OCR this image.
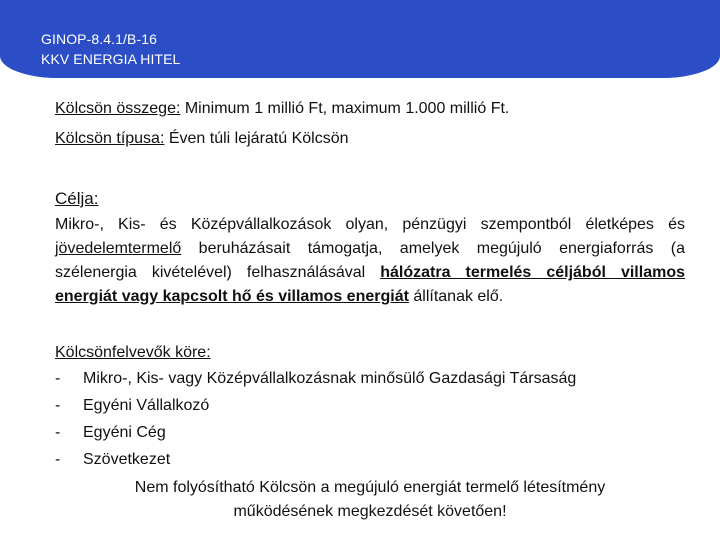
GINOP-8.4.1/B-16
KKV ENERGIA HITEL
Kölcsön összege: Minimum 1 millió Ft, maximum 1.000 millió Ft.
Kölcsön típusa: Éven túli lejáratú Kölcsön
Célja:
Mikro-, Kis- és Középvállalkozások olyan, pénzügyi szempontból életképes és jövedelemtermelő beruházásait támogatja, amelyek megújuló energiaforrás (a szélenergia kivételével) felhasználásával hálózatra termelés céljából villamos energiát vagy kapcsolt hő és villamos energiát állítanak elő.
Kölcsönfelvevők köre:
- Mikro-, Kis- vagy Középvállalkozásnak minősülő Gazdasági Társaság
- Egyéni Vállalkozó
- Egyéni Cég
- Szövetkezet
Nem folyósítható Kölcsön a megújuló energiát termelő létesítmény
működésének megkezdését követően!
